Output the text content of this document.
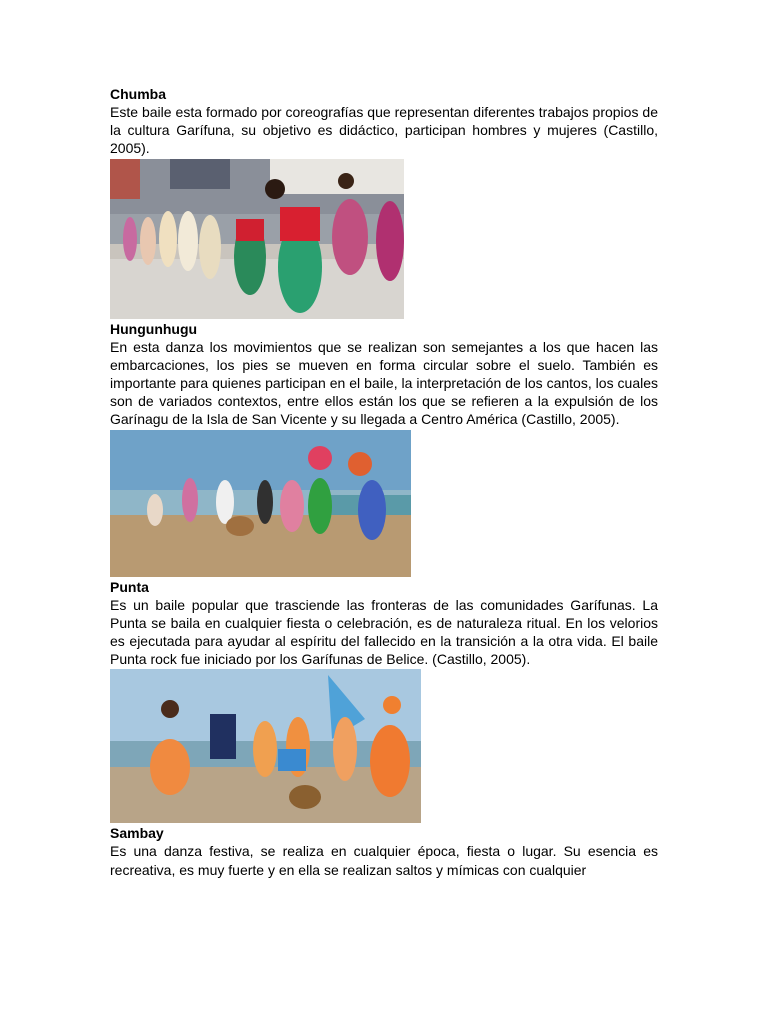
Chumba

Este baile esta formado por coreografías que representan diferentes trabajos propios de la cultura Garífuna, su objetivo es didáctico, participan hombres y mujeres (Castillo, 2005).

Hungunhugu

En esta danza los movimientos que se realizan son semejantes a los que hacen las embarcaciones, los pies se mueven en forma circular sobre el suelo. También es importante para quienes participan en el baile, la interpretación de los cantos, los cuales son de variados contextos, entre ellos están los que se refieren a la expulsión de los Garínagu de la Isla de San Vicente y su llegada a Centro América (Castillo, 2005).

Punta

Es un baile popular que trasciende las fronteras de las comunidades Garífunas. La Punta se baila en cualquier fiesta o celebración, es de naturaleza ritual. En los velorios es ejecutada para ayudar al espíritu del fallecido en la transición a la otra vida. El baile Punta rock fue iniciado por los Garífunas de Belice. (Castillo, 2005).

Sambay

Es una danza festiva, se realiza en cualquier época, fiesta o lugar. Su esencia es recreativa, es muy fuerte y en ella se realizan saltos y mímicas con cualquier
